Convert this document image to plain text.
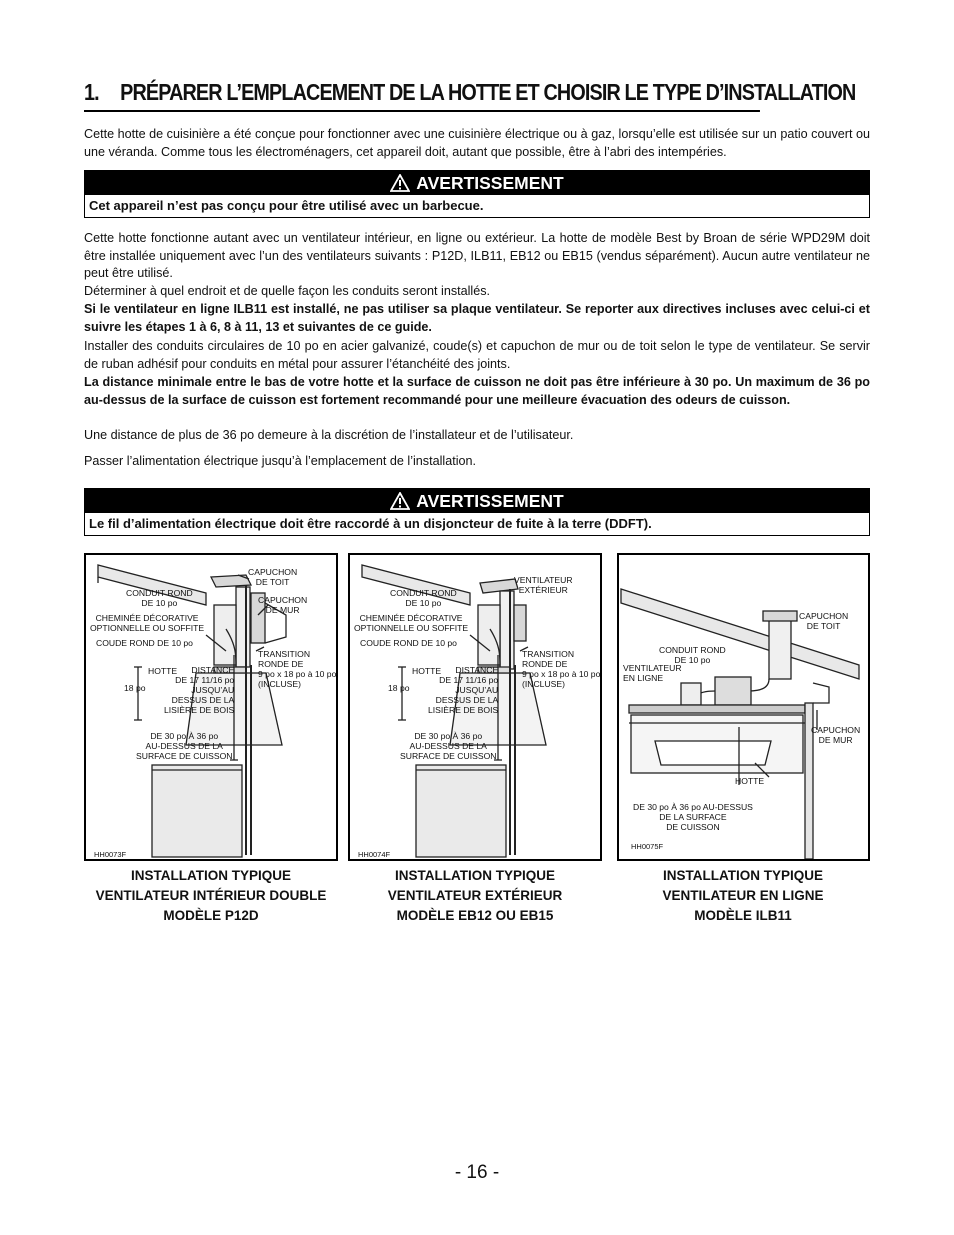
1. PRÉPARER L’EMPLACEMENT DE LA HOTTE ET CHOISIR LE TYPE D’INSTALLATION
Cette hotte de cuisinière a été conçue pour fonctionner avec une cuisinière électrique ou à gaz, lorsqu’elle est utilisée sur un patio couvert ou une véranda. Comme tous les électroménagers, cet appareil doit, autant que possible, être à l’abri des intempéries.
AVERTISSEMENT
Cet appareil n’est pas conçu pour être utilisé avec un barbecue.
Cette hotte fonctionne autant avec un ventilateur intérieur, en ligne ou extérieur. La hotte de modèle Best by Broan de série WPD29M doit être installée uniquement avec l’un des ventilateurs suivants : P12D, ILB11, EB12 ou EB15 (vendus séparément). Aucun autre ventilateur ne peut être utilisé.
Déterminer à quel endroit et de quelle façon les conduits seront installés.
Si le ventilateur en ligne ILB11 est installé, ne pas utiliser sa plaque ventilateur. Se reporter aux directives incluses avec celui-ci et suivre les étapes 1 à 6, 8 à 11, 13 et suivantes de ce guide.
Installer des conduits circulaires de 10 po en acier galvanizé, coude(s) et capuchon de mur ou de toit selon le type de ventilateur. Se servir de ruban adhésif pour conduits en métal pour assurer l’étanchéité des joints.
La distance minimale entre le bas de votre hotte et la surface de cuisson ne doit pas être inférieure à 30 po. Un maximum de 36 po au-dessus de la surface de cuisson est fortement recommandé pour une meilleure évacuation des odeurs de cuisson.
Une distance de plus de 36 po demeure à la discrétion de l’installateur et de l’utilisateur.
Passer l’alimentation électrique jusqu’à l’emplacement de l’installation.
AVERTISSEMENT
Le fil d’alimentation électrique doit être raccordé à un disjoncteur de fuite à la terre (DDFT).
CAPUCHON
DE TOIT
CONDUIT ROND
DE 10 po	CAPUCHON
DE MUR
CHEMINÉE DÉCORATIVE
OPTIONNELLE OU SOFFITE
COUDE ROND DE 10 po
TRANSITION
RONDE DE
9 po x 18 po à 10 po
(INCLUSE)
HOTTE	DISTANCE
DE 17 11/16 po
JUSQU’AU
DESSUS DE LA
LISIÈRE DE BOIS
18 po
DE 30 po À 36 po
AU-DESSUS DE LA
SURFACE DE CUISSON
HH0073F
VENTILATEUR
EXTÉRIEUR
CONDUIT ROND
DE 10 po
CHEMINÉE DÉCORATIVE
OPTIONNELLE OU SOFFITE
COUDE ROND DE 10 po
TRANSITION
RONDE DE
9 po x 18 po à 10 po
(INCLUSE)
HOTTE	DISTANCE
DE 17 11/16 po
JUSQU’AU
DESSUS DE LA
LISIÈRE DE BOIS
18 po
DE 30 po À 36 po
AU-DESSUS DE LA
SURFACE DE CUISSON
HH0074F
CAPUCHON
DE TOIT
CONDUIT ROND
DE 10 po
VENTILATEUR
EN LIGNE
CAPUCHON
DE MUR
HOTTE
DE 30 po À 36 po AU-DESSUS
DE LA SURFACE
DE CUISSON
HH0075F
INSTALLATION TYPIQUE
VENTILATEUR INTÉRIEUR DOUBLE
MODÈLE P12D
INSTALLATION TYPIQUE
VENTILATEUR EXTÉRIEUR
MODÈLE EB12 OU EB15
INSTALLATION TYPIQUE
VENTILATEUR EN LIGNE
MODÈLE ILB11
- 16 -
